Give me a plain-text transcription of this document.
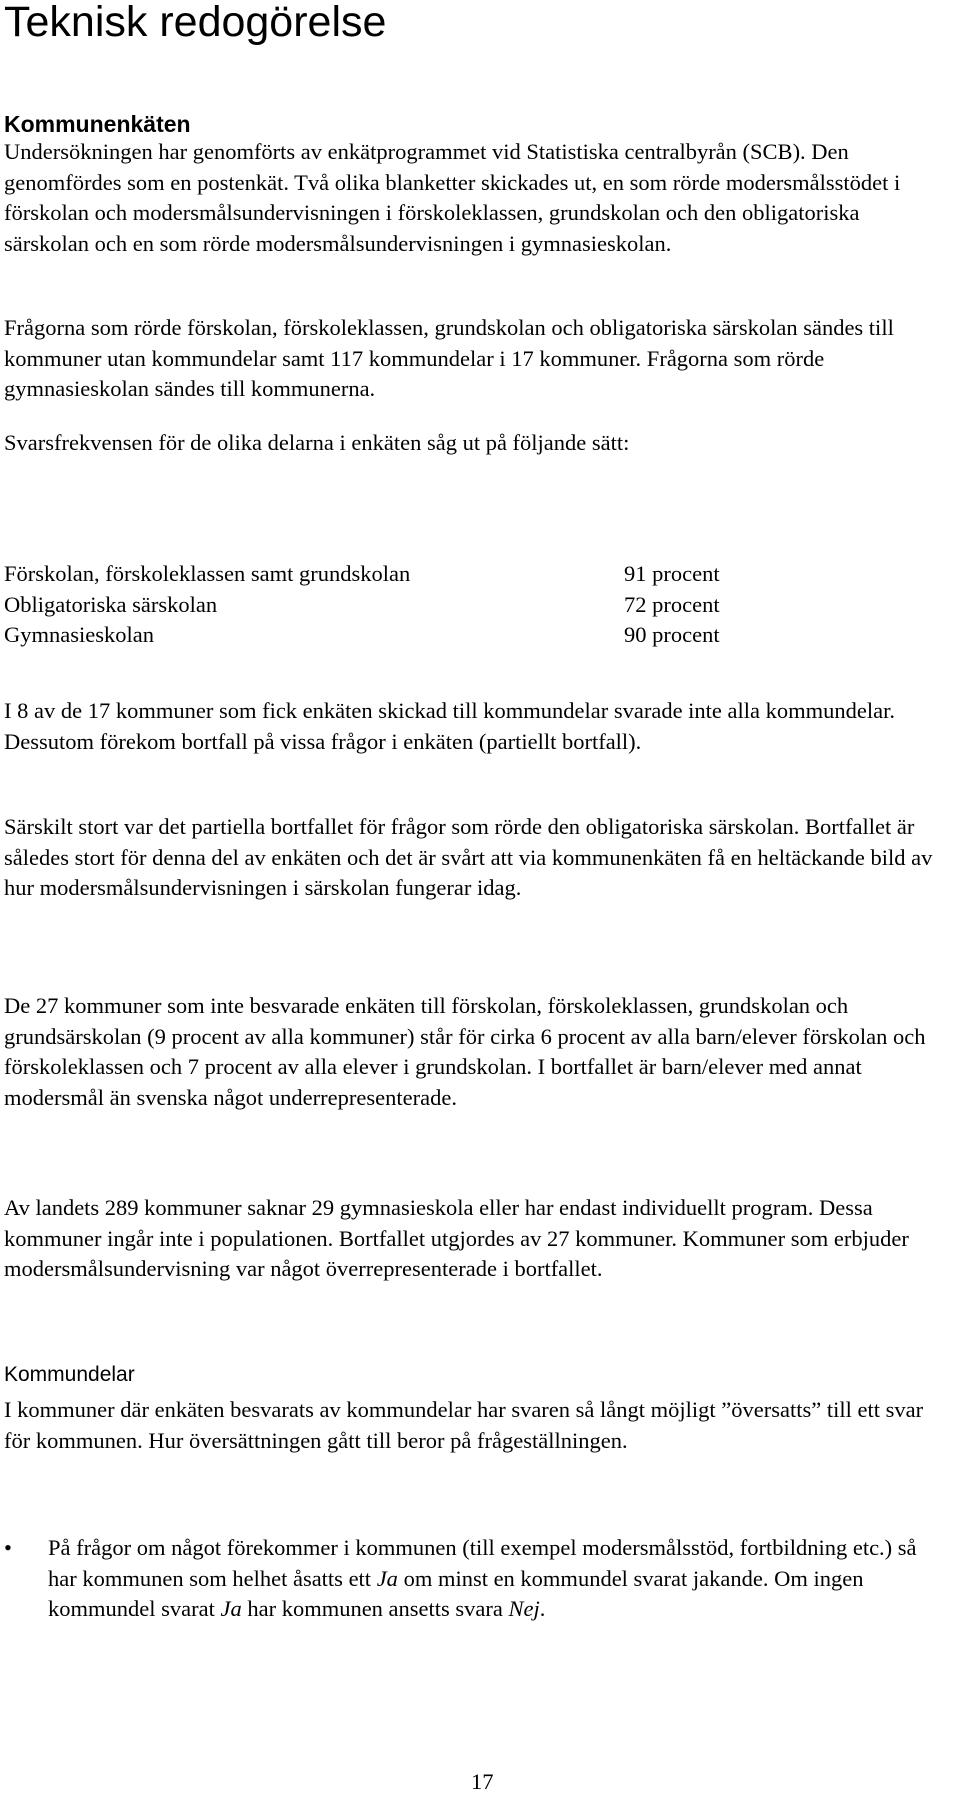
Teknisk redogörelse
Kommunenkäten

Undersökningen har genomförts av enkätprogrammet vid Statistiska centralbyrån (SCB). Den genomfördes som en postenkät. Två olika blanketter skickades ut, en som rörde modersmålsstödet i förskolan och modersmålsundervisningen i förskoleklassen, grundskolan och den obligatoriska särskolan och en som rörde modersmålsundervisningen i gymnasieskolan.

Frågorna som rörde förskolan, förskoleklassen, grundskolan och obligatoriska särskolan sändes till kommuner utan kommundelar samt 117 kommundelar i 17 kommuner. Frågorna som rörde gymnasieskolan sändes till kommunerna.

Svarsfrekvensen för de olika delarna i enkäten såg ut på följande sätt:

Förskolan, förskoleklassen samt grundskolan	91 procent
Obligatoriska särskolan	72 procent
Gymnasieskolan	90 procent

I 8 av de 17 kommuner som fick enkäten skickad till kommundelar svarade inte alla kommundelar. Dessutom förekom bortfall på vissa frågor i enkäten (partiellt bortfall).

Särskilt stort var det partiella bortfallet för frågor som rörde den obligatoriska särskolan. Bortfallet är således stort för denna del av enkäten och det är svårt att via kommunenkäten få en heltäckande bild av hur modersmålsundervisningen i särskolan fungerar idag.

De 27 kommuner som inte besvarade enkäten till förskolan, förskoleklassen, grundskolan och grundsärskolan (9 procent av alla kommuner) står för cirka 6 procent av alla barn/elever förskolan och förskoleklassen och 7 procent av alla elever i grundskolan. I bortfallet är barn/elever med annat modersmål än svenska något underrepresenterade.

Av landets 289 kommuner saknar 29 gymnasieskola eller har endast individuellt program. Dessa kommuner ingår inte i populationen. Bortfallet utgjordes av 27 kommuner. Kommuner som erbjuder modersmålsundervisning var något överrepresenterade i bortfallet.

Kommundelar

I kommuner där enkäten besvarats av kommundelar har svaren så långt möjligt ”översatts” till ett svar för kommunen. Hur översättningen gått till beror på frågeställningen.

•	På frågor om något förekommer i kommunen (till exempel modersmålsstöd, fortbildning etc.) så har kommunen som helhet åsatts ett Ja om minst en kommundel svarat jakande. Om ingen kommundel svarat Ja har kommunen ansetts svara Nej.
17
